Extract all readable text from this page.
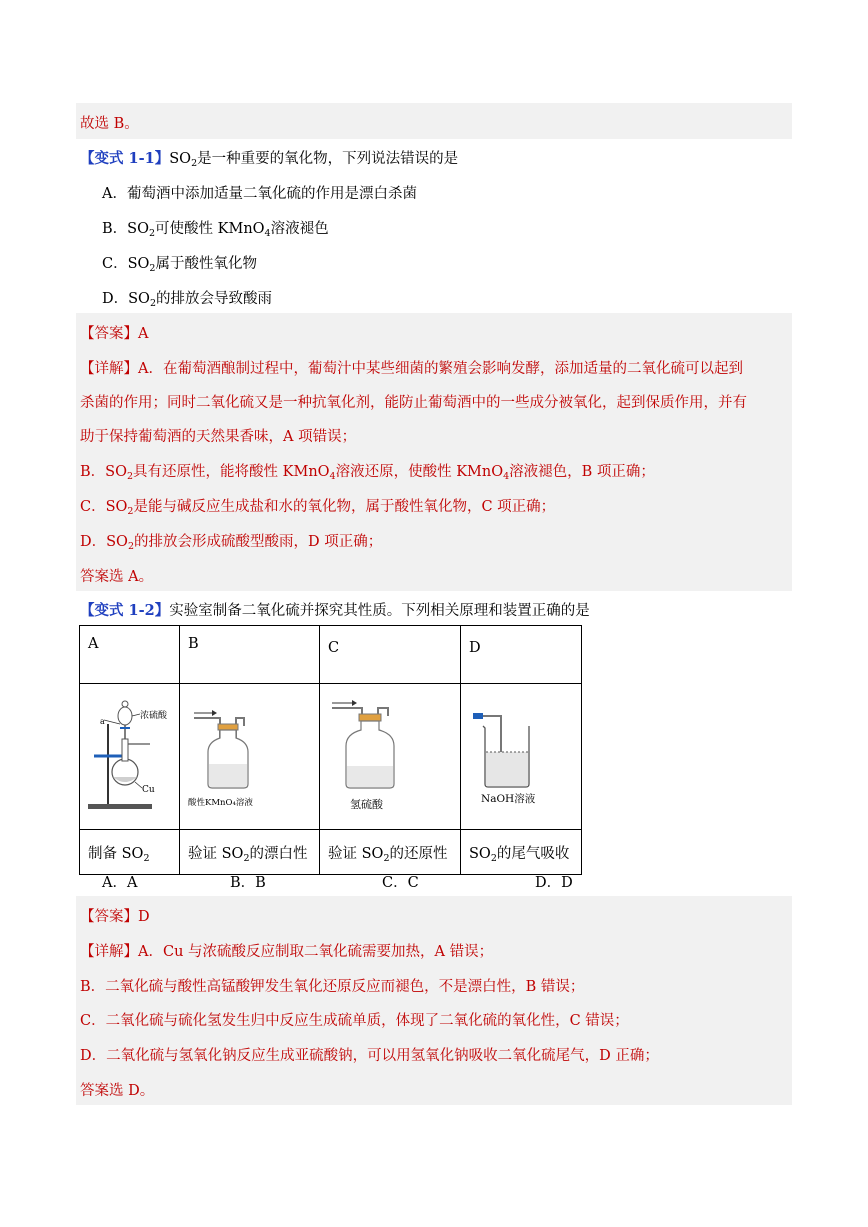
故选 B。
【变式 1-1】$SO_2$是一种重要的氧化物，下列说法错误的是
A．葡萄酒中添加适量二氧化硫的作用是漂白杀菌
B．$SO_2$可使酸性 KMnO$_4$溶液褪色
C．$SO_2$属于酸性氧化物
D．$SO_2$的排放会导致酸雨
【答案】A
【详解】A．在葡萄酒酿制过程中，葡萄汁中某些细菌的繁殖会影响发酵，添加适量的二氧化硫可以起到
杀菌的作用；同时二氧化硫又是一种抗氧化剂，能防止葡萄酒中的一些成分被氧化，起到保质作用，并有
助于保持葡萄酒的天然果香味，A 项错误；
B．$SO_2$具有还原性，能将酸性 KMnO$_4$溶液还原，使酸性 KMnO$_4$溶液褪色，B 项正确；
C．$SO_2$是能与碱反应生成盐和水的氧化物，属于酸性氧化物，C 项正确；
D．$SO_2$的排放会形成硫酸型酸雨，D 项正确；
答案选 A。
【变式 1-2】实验室制备二氧化硫并探究其性质。下列相关原理和装置正确的是
A	B	C	D

a
浓硫酸
Cu	酸性KMnO₄溶液	氢硫酸	NaOH溶液

制备 $SO_2$	验证 $SO_2$的漂白性	验证 $SO_2$的还原性	$SO_2$的尾气吸收
A．A	B．B	C．C	D．D
【答案】D
【详解】A．Cu 与浓硫酸反应制取二氧化硫需要加热，A 错误；
B．二氧化硫与酸性高锰酸钾发生氧化还原反应而褪色，不是漂白性，B 错误；
C．二氧化硫与硫化氢发生归中反应生成硫单质，体现了二氧化硫的氧化性，C 错误；
D．二氧化硫与氢氧化钠反应生成亚硫酸钠，可以用氢氧化钠吸收二氧化硫尾气，D 正确；
答案选 D。
